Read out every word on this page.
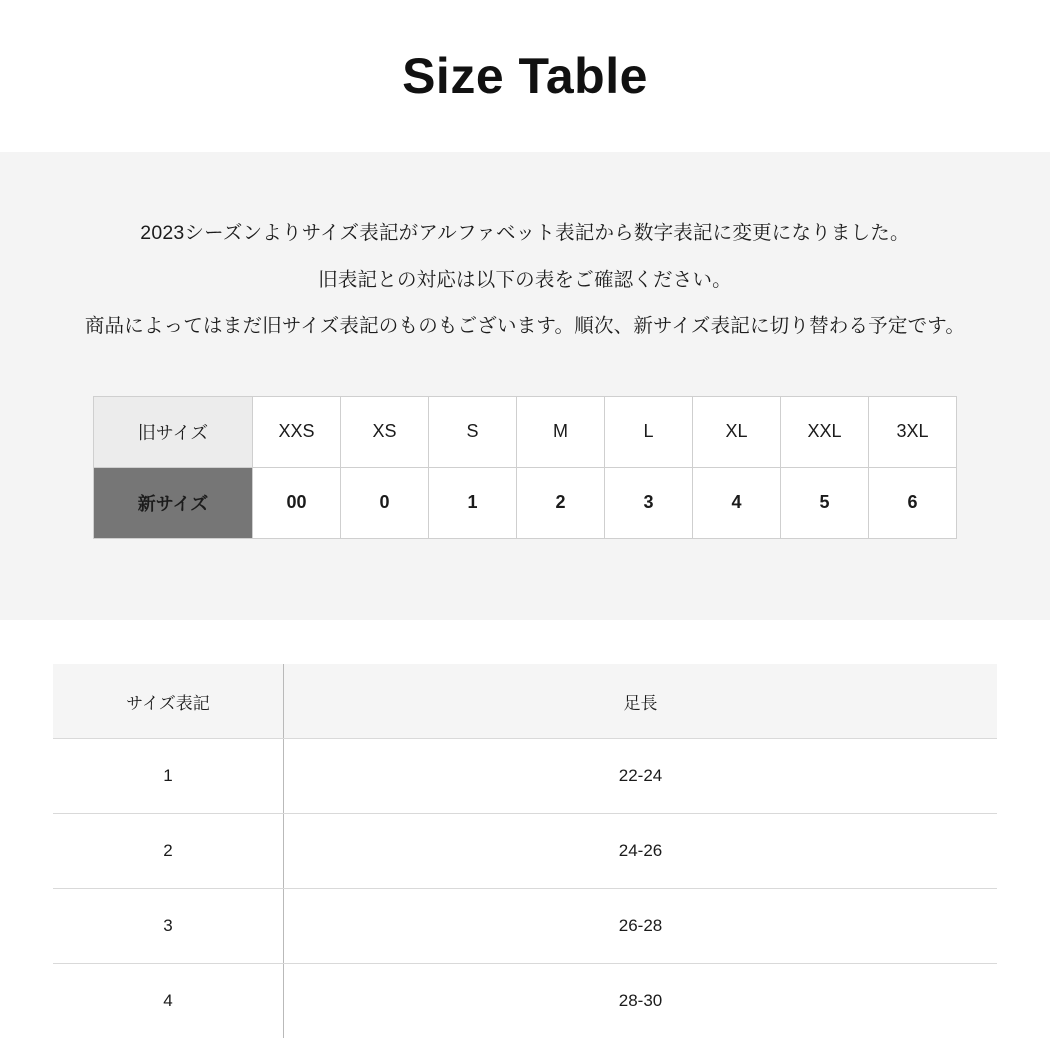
Size Table

2023シーズンよりサイズ表記がアルファベット表記から数字表記に変更になりました。

旧表記との対応は以下の表をご確認ください。

商品によってはまだ旧サイズ表記のものもございます。順次、新サイズ表記に切り替わる予定です。

旧サイズ	XXS	XS	S	M	L	XL	XXL	3XL
新サイズ	00	0	1	2	3	4	5	6
サイズ表記	足長
1	22-24
2	24-26
3	26-28
4	28-30
